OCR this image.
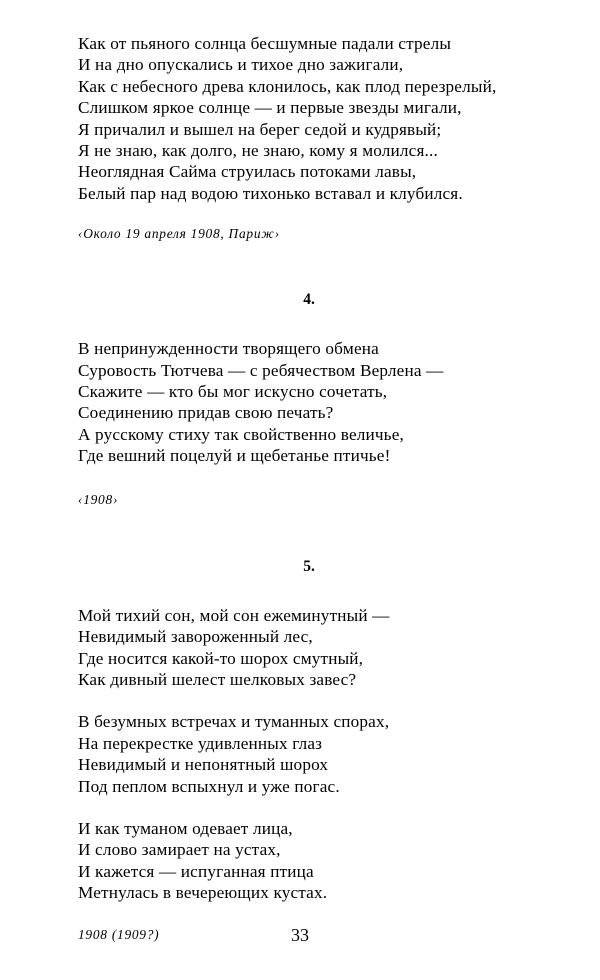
Как от пьяного солнца бесшумные падали стрелы
И на дно опускались и тихое дно зажигали,
Как с небесного древа клонилось, как плод перезрелый,
Слишком яркое солнце — и первые звезды мигали,
Я причалил и вышел на берег седой и кудрявый;
Я не знаю, как долго, не знаю, кому я молился...
Неоглядная Сайма струилась потоками лавы,
Белый пар над водою тихонько вставал и клубился.
‹Около 19 апреля 1908, Париж›
4.
В непринужденности творящего обмена
Суровость Тютчева — с ребячеством Верлена —
Скажите — кто бы мог искусно сочетать,
Соединению придав свою печать?
А русскому стиху так свойственно величье,
Где вешний поцелуй и щебетанье птичье!
‹1908›
5.
Мой тихий сон, мой сон ежеминутный —
Невидимый завороженный лес,
Где носится какой-то шорох смутный,
Как дивный шелест шелковых завес?
В безумных встречах и туманных спорах,
На перекрестке удивленных глаз
Невидимый и непонятный шорох
Под пеплом вспыхнул и уже погас.
И как туманом одевает лица,
И слово замирает на устах,
И кажется — испуганная птица
Метнулась в вечереющих кустах.
1908 (1909?)	33
